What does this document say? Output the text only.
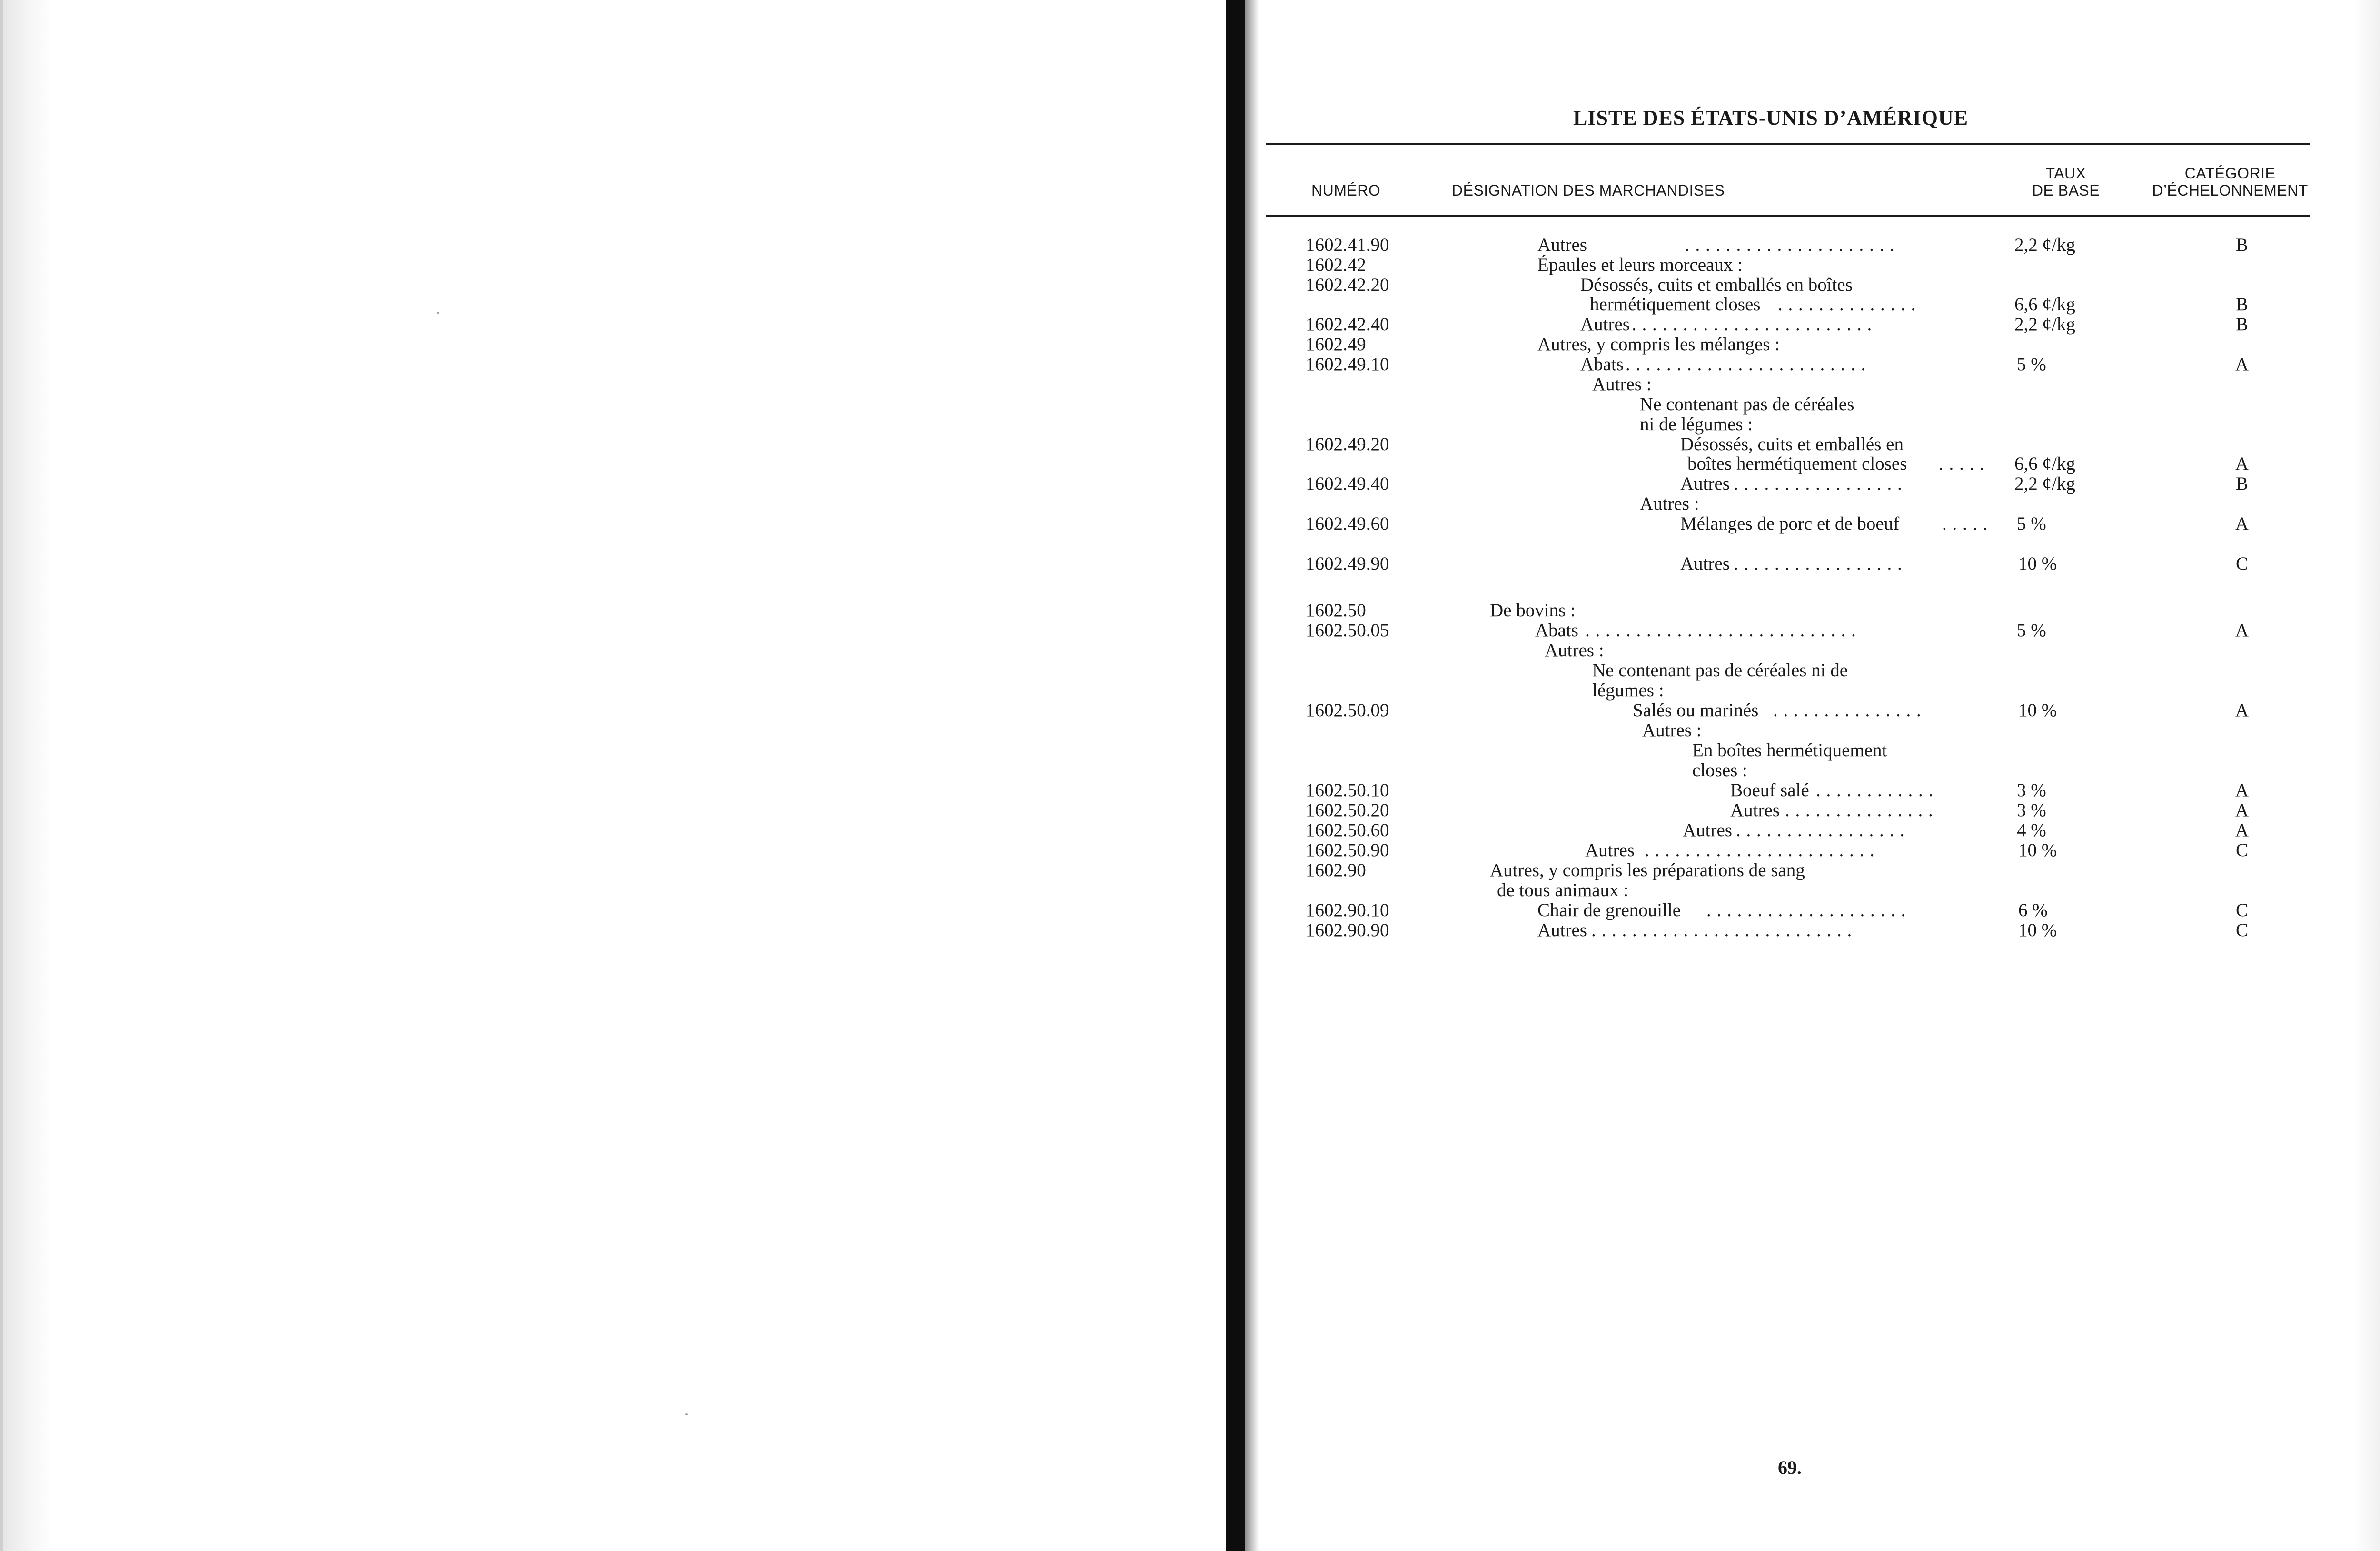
LISTE DES ÉTATS-UNIS D’AMÉRIQUE
NUMÉRO	DÉSIGNATION DES MARCHANDISES
TAUX
DE BASE
CATÉGORIE
D’ÉCHELONNEMENT
1602.41.90	Autres	. . . . . . . . . . . . . . . . . . . . .	2,2 ¢/kg	B
1602.42	Épaules et leurs morceaux :
1602.42.20	Désossés, cuits et emballés en boîtes
hermétiquement closes . . . . . . . . . . . . . .	6,6 ¢/kg	B
1602.42.40	Autres . . . . . . . . . . . . . . . . . . . . . . . .	2,2 ¢/kg	B
1602.49	Autres, y compris les mélanges :
1602.49.10	Abats . . . . . . . . . . . . . . . . . . . . . . . .	5 %	A
Autres :
Ne contenant pas de céréales
ni de légumes :
1602.49.20	Désossés, cuits et emballés en
boîtes hermétiquement closes . . . . . 6,6 ¢/kg	A
1602.49.40	Autres . . . . . . . . . . . . . . . . .	2,2 ¢/kg	B
Autres :
1602.49.60	Mélanges de porc et de boeuf . . . . . 5 %	A
1602.49.90	Autres . . . . . . . . . . . . . . . . .	10 %	C
1602.50	De bovins :
1602.50.05	Abats . . . . . . . . . . . . . . . . . . . . . . . . . . .	5 %	A
Autres :
Ne contenant pas de céréales ni de
légumes :
1602.50.09	Salés ou marinés . . . . . . . . . . . . . . .	10 %	A
Autres :
En boîtes hermétiquement
closes :
1602.50.10	Boeuf salé . . . . . . . . . . . .	3 %	A
1602.50.20	Autres . . . . . . . . . . . . . . .	3 %	A
1602.50.60	Autres . . . . . . . . . . . . . . . . .	4 %	A
1602.50.90	Autres . . . . . . . . . . . . . . . . . . . . . . .	10 %	C
1602.90	Autres, y compris les préparations de sang
de tous animaux :
1602.90.10	Chair de grenouille . . . . . . . . . . . . . . . . . . . .	6 %	C
1602.90.90	Autres . . . . . . . . . . . . . . . . . . . . . . . . . .	10 %	C
69.
